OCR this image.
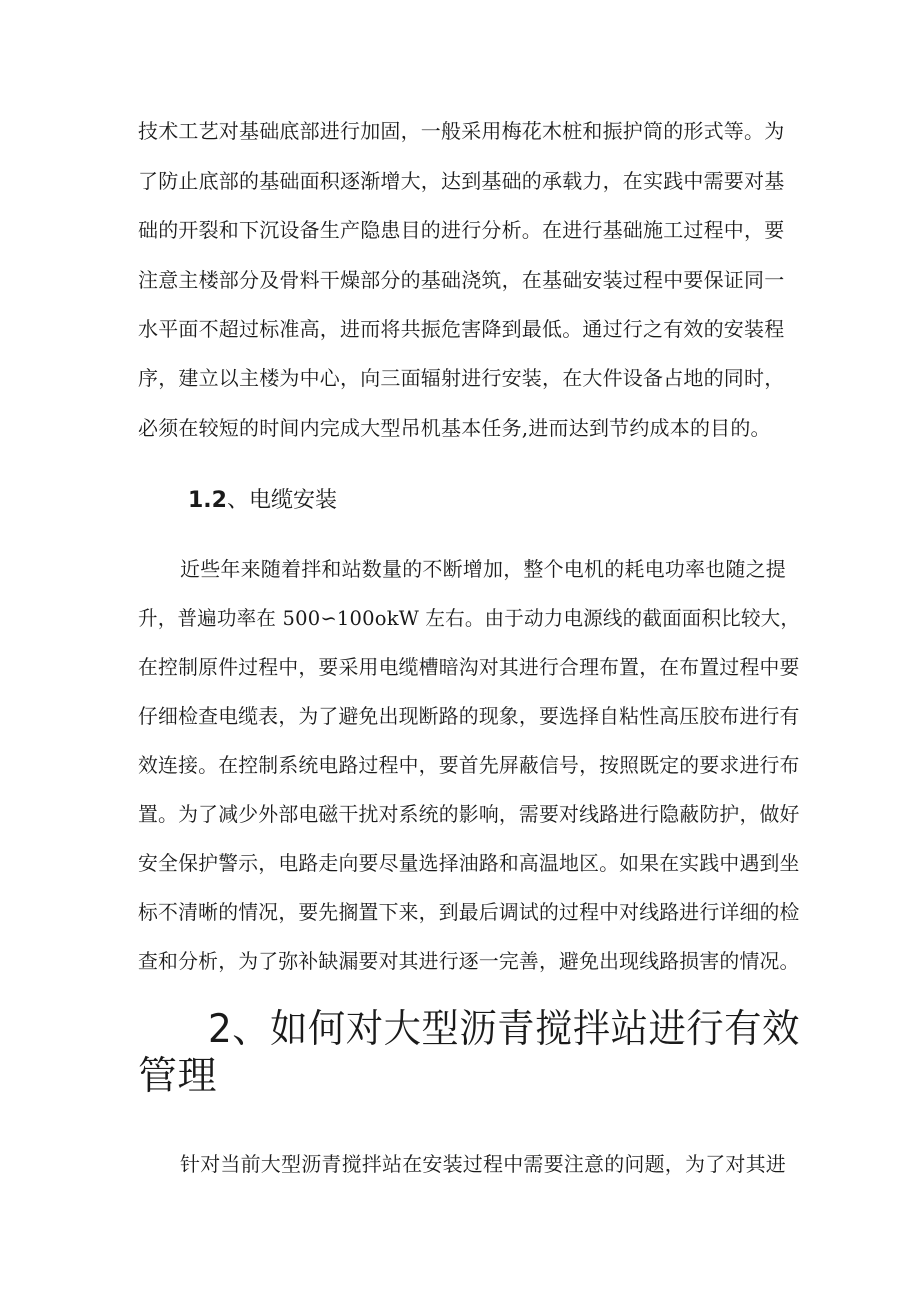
技术工艺对基础底部进行加固，一般采用梅花木桩和振护筒的形式等。为
了防止底部的基础面积逐渐增大，达到基础的承载力，在实践中需要对基
础的开裂和下沉设备生产隐患目的进行分析。在进行基础施工过程中，要
注意主楼部分及骨料干燥部分的基础浇筑，在基础安装过程中要保证同一
水平面不超过标准高，进而将共振危害降到最低。通过行之有效的安装程
序，建立以主楼为中心，向三面辐射进行安装，在大件设备占地的同时，
必须在较短的时间内完成大型吊机基本任务,进而达到节约成本的目的。
1.2、电缆安装
近些年来随着拌和站数量的不断增加，整个电机的耗电功率也随之提
升，普遍功率在 500∽100okW 左右。由于动力电源线的截面面积比较大，
在控制原件过程中，要采用电缆槽暗沟对其进行合理布置，在布置过程中要
仔细检查电缆表，为了避免出现断路的现象，要选择自粘性高压胶布进行有
效连接。在控制系统电路过程中，要首先屏蔽信号，按照既定的要求进行布
置。为了减少外部电磁干扰对系统的影响，需要对线路进行隐蔽防护，做好
安全保护警示，电路走向要尽量选择油路和高温地区。如果在实践中遇到坐
标不清晰的情况，要先搁置下来，到最后调试的过程中对线路进行详细的检
查和分析，为了弥补缺漏要对其进行逐一完善，避免出现线路损害的情况。
2、如何对大型沥青搅拌站进行有效
管理
针对当前大型沥青搅拌站在安装过程中需要注意的问题，为了对其进
